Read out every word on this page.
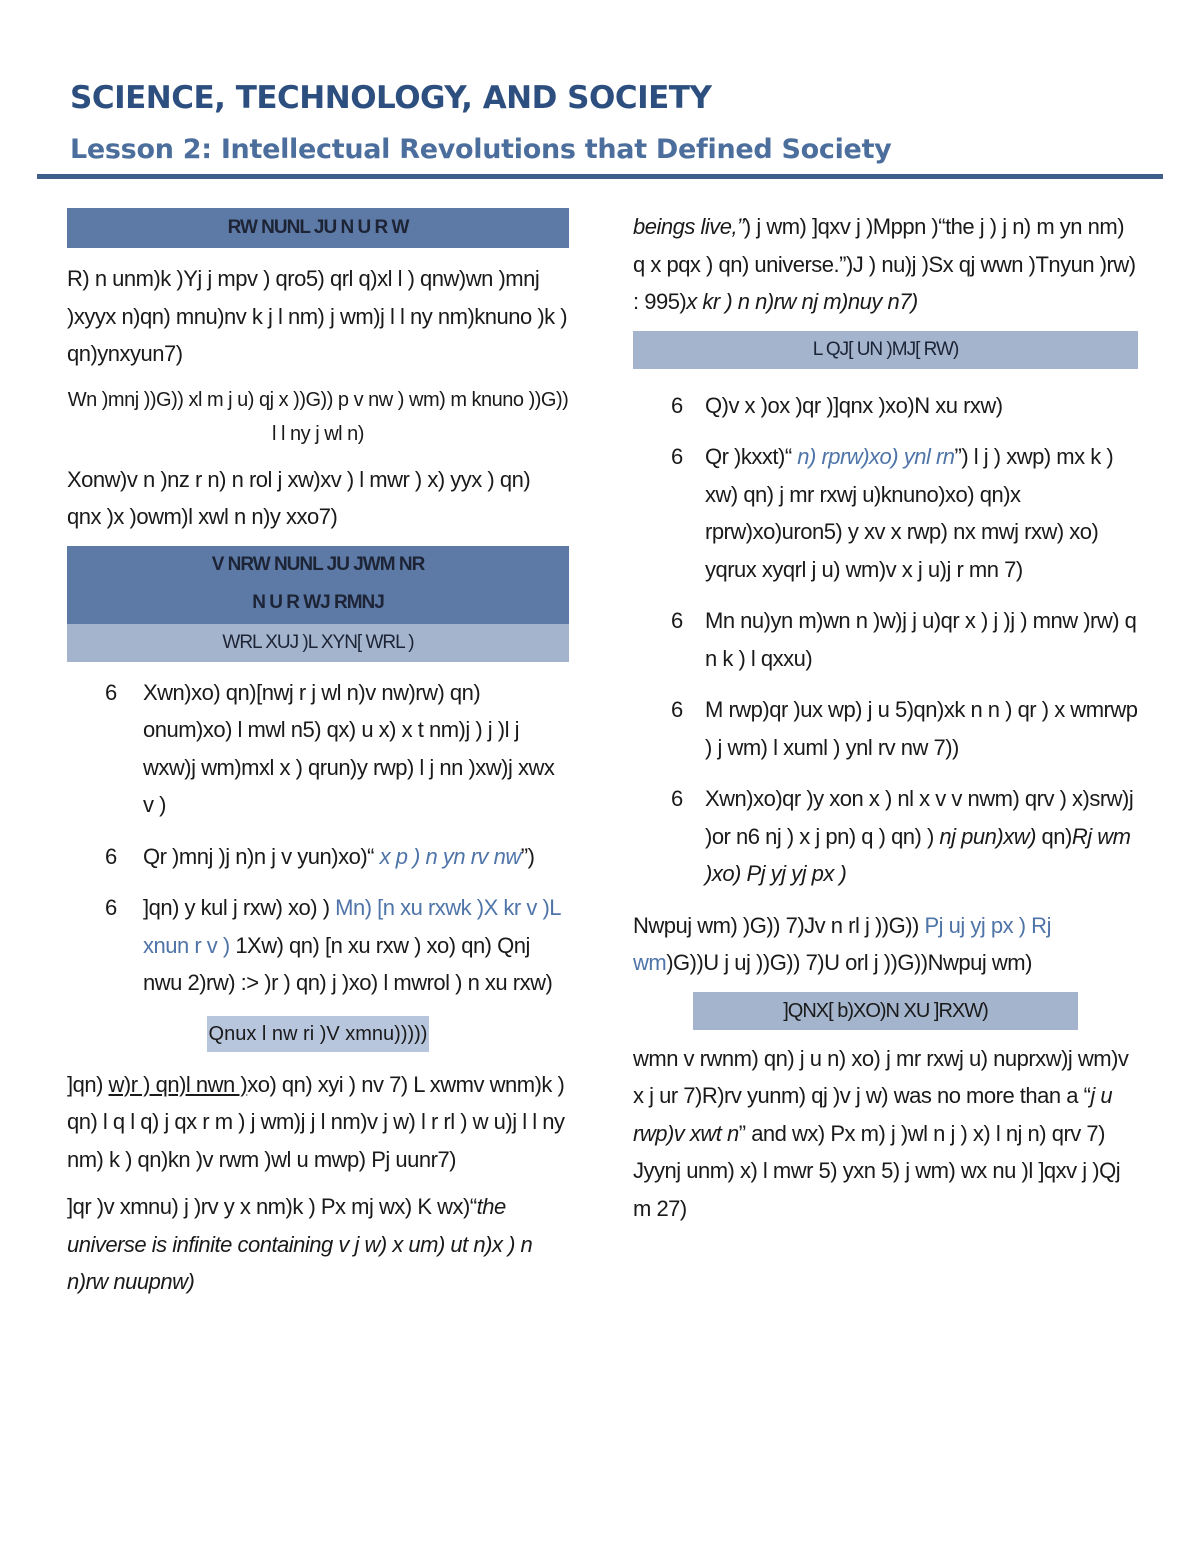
SCIENCE, TECHNOLOGY, AND SOCIETY
Lesson 2: Intellectual Revolutions that Defined Society
RW NUNL JU N U R W

R) n unm)k )Yj j mpv ) qro5) qrl q)xl l ) qnw)wn )mnj )xyyx n)qn) mnu)nv k j l nm) j wm)j l l ny nm)knuno )k ) qn)ynxyun7)

Wn )mnj ))G)) xl m j u) qj x ))G)) p v nw ) wm) m knuno ))G)) l l ny j wl n)

Xonw)v n )nz r n) n rol j xw)xv ) l mwr ) x) yyx ) qn) qnx )x )owm)l xwl n n)y xxo7)

V NRW NUNL JU JWM NR
N U R WJ RMNJ
WRL XUJ )L XYN[ WRL )
6 Xwn)xo) qn)[nwj r j wl n)v nw)rw) qn) onum)xo) l mwl n5) qx) u x) x t nm)j ) j )l j wxw)j wm)mxl x ) qrun)y rwp) l j nn )xw)j xwx v )
6 Qr )mnj )j n)n j v yun)xo)“ x p ) n yn rv nw”)
6 ]qn) y kul j rxw) xo) ) Mn) [n xu rxwk )X kr v )L xnun r v ) 1Xw) qn) [n xu rxw ) xo) qn) Qnj nwu 2)rw) :> )r ) qn) j )xo) l mwrol ) n xu rxw)
Qnux l nw ri )V xmnu)))))

]qn) w)r ) qn)l nwn )xo) qn) xyi ) nv 7) L xwmv wnm)k ) qn) l q l q) j qx r m ) j wm)j j l nm)v j w) l r rl ) w u)j l l ny nm) k ) qn)kn )v rwm )wl u mwp) Pj uunr7)

]qr )v xmnu) j )rv y x nm)k ) Px mj wx) K wx)“the universe is infinite containing v j w) x um) ut n)x ) n n)rw nuupnw)

beings live,”) j wm) ]qxv j )Mppn )“the j ) j n) m yn nm) q x pqx ) qn) universe.”)J ) nu)j )Sx qj wwn )Tnyun )rw) : 995)x kr ) n n)rw nj m)nuy n7)

L QJ[ UN )MJ[ RW)
6 Q)v x )ox )qr )]qnx )xo)N xu rxw)
6 Qr )kxxt)“ n) rprw)xo) ynl rn”) l j ) xwp) mx k ) xw) qn) j mr rxwj u)knuno)xo) qn)x rprw)xo)uron5) y xv x rwp) nx mwj rxw) xo) yqrux xyqrl j u) wm)v x j u)j r mn 7)
6 Mn nu)yn m)wn n )w)j j u)qr x ) j )j ) mnw )rw) q n k ) l qxxu)
6 M rwp)qr )ux wp) j u 5)qn)xk n n ) qr ) x wmrwp ) j wm) l xuml ) ynl rv nw 7))
6 Xwn)xo)qr )y xon x ) nl x v v nwm) qrv ) x)srw)j )or n6 nj ) x j pn) q ) qn) ) nj pun)xw) qn)Rj wm )xo) Pj yj yj px )

Nwpuj wm) )G)) 7)Jv n rl j ))G)) Pj uj yj px ) Rj wm)G))U j uj ))G)) 7)U orl j ))G))Nwpuj wm)

]QNX[ b)XO)N XU ]RXW)

wmn v rwnm) qn) j u n) xo) j mr rxwj u) nuprxw)j wm)v x j ur 7)R)rv yunm) qj )v j w) was no more than a “j u rwp)v xwt n” and wx) Px m) j )wl n j ) x) l nj n) qrv 7) Jyynj unm) x) l mwr 5) yxn 5) j wm) wx nu )l ]qxv j )Qj m 27)
